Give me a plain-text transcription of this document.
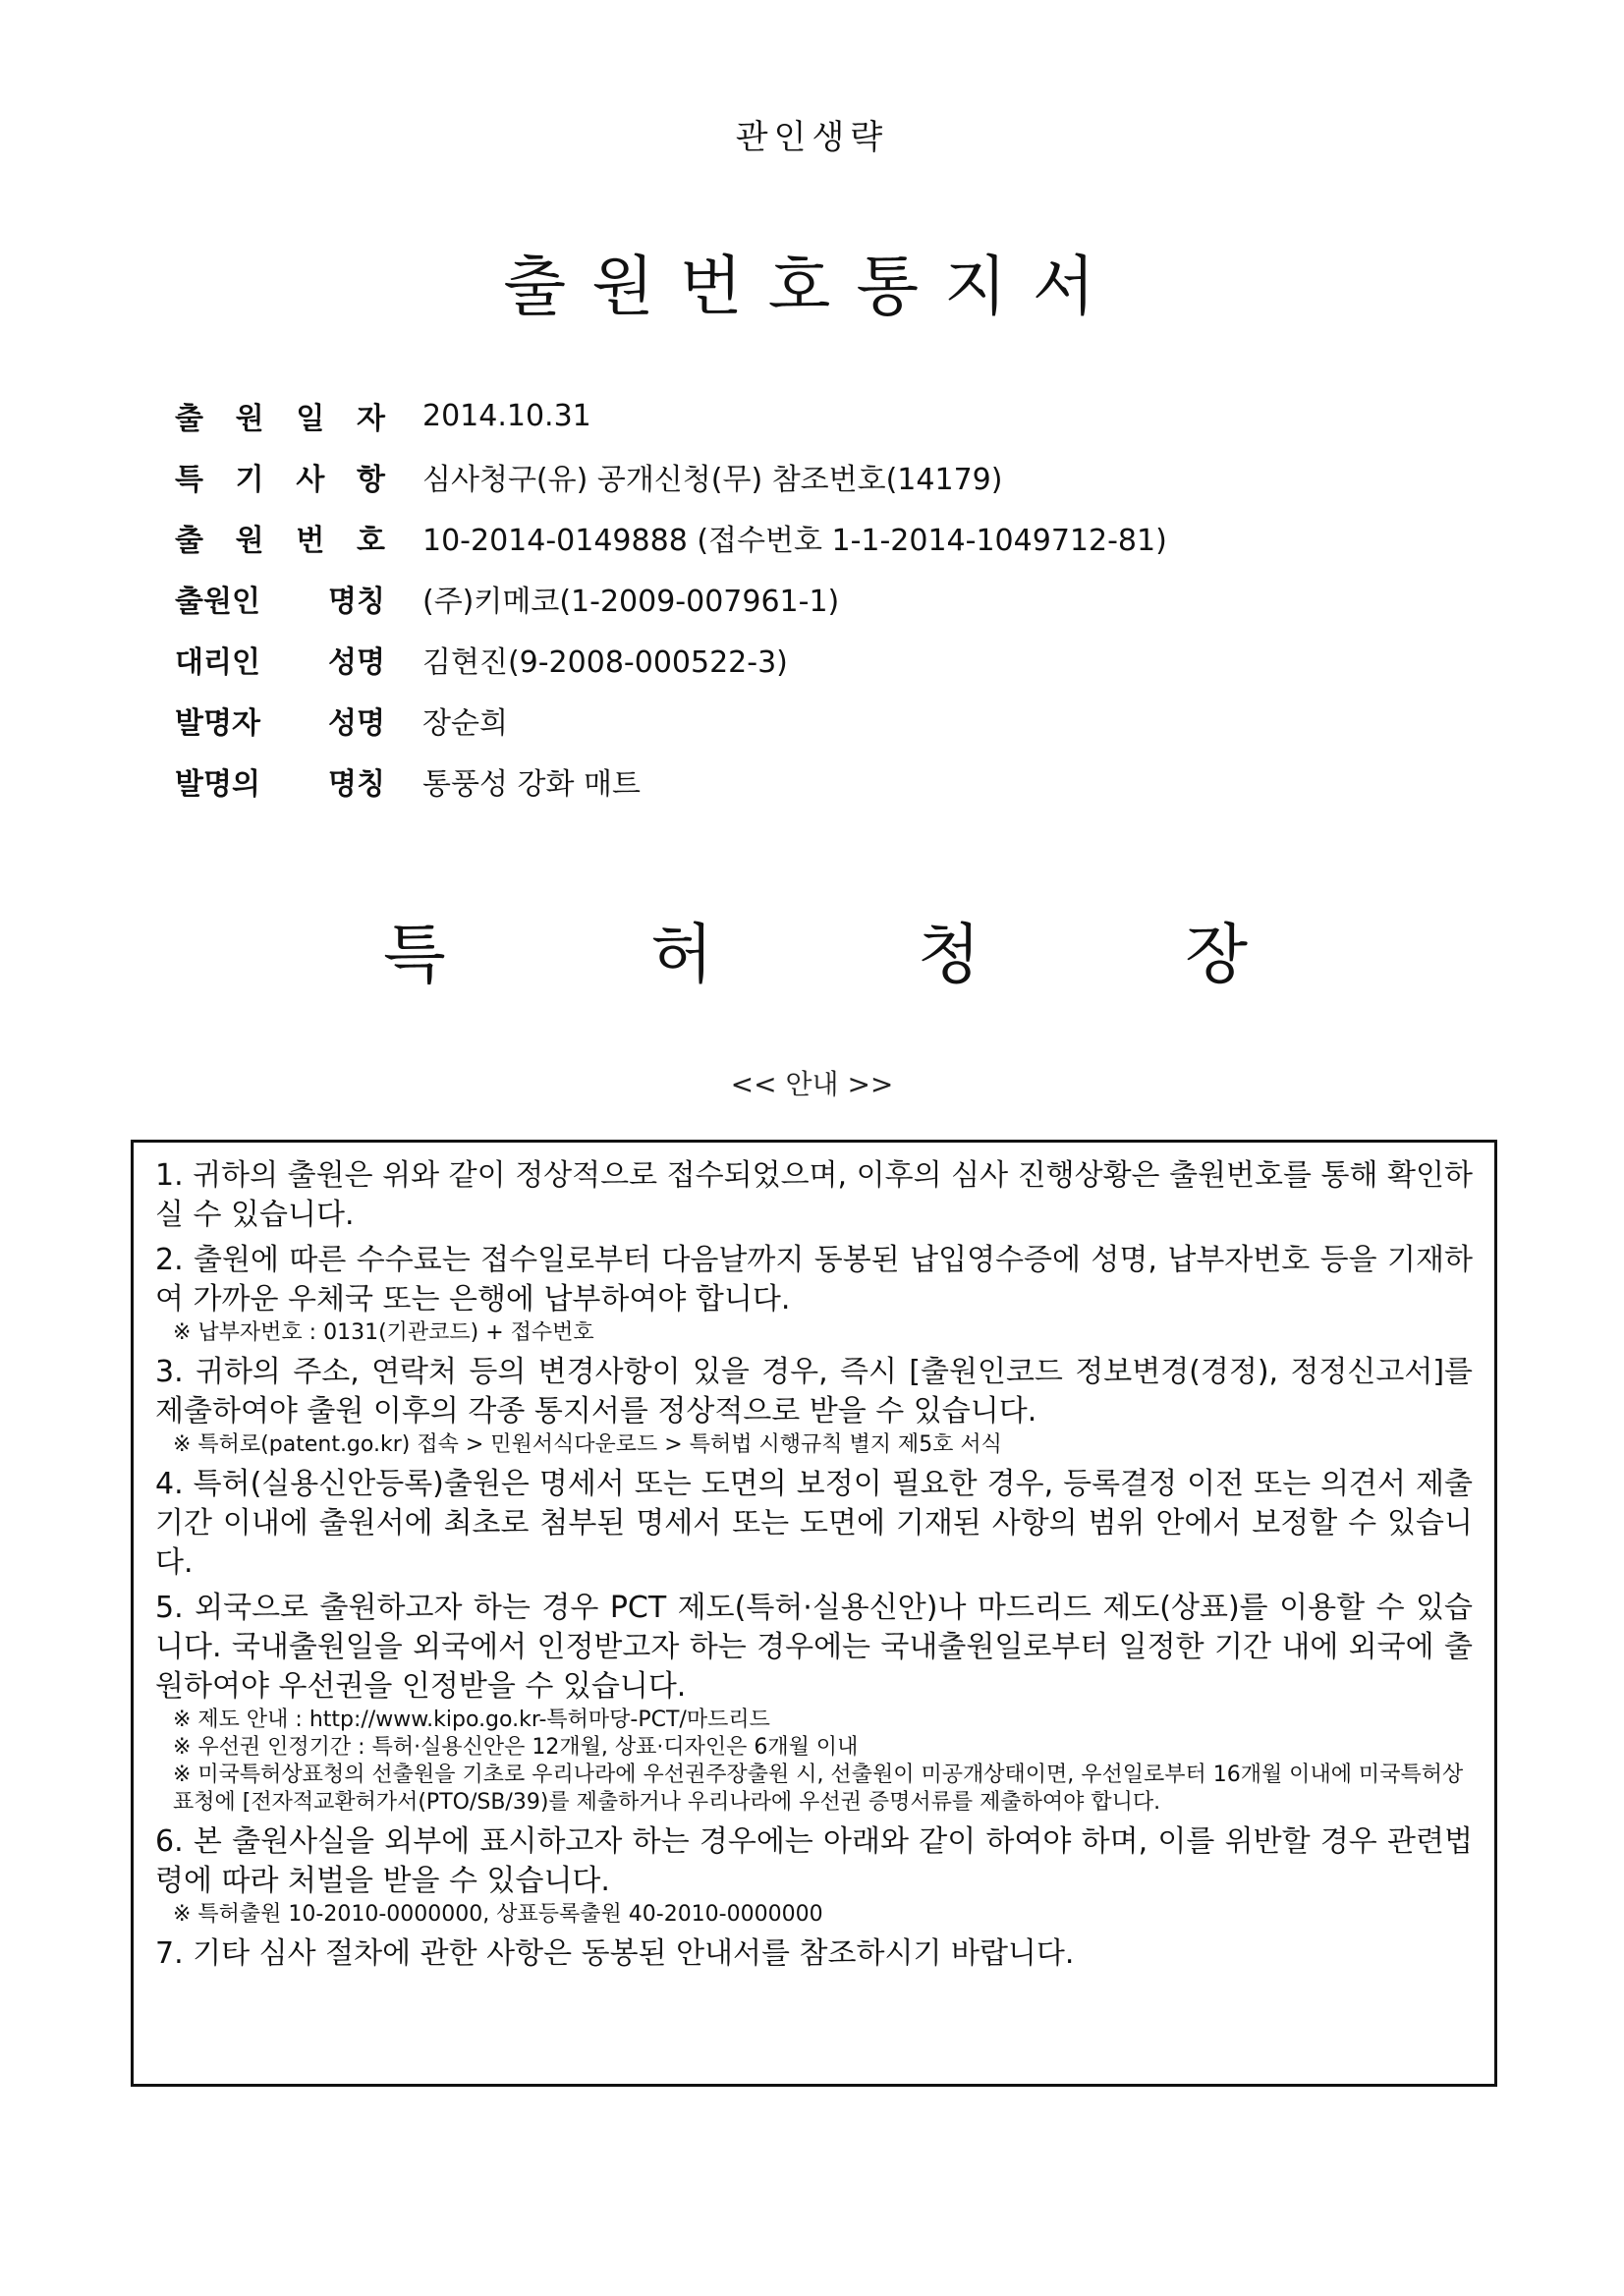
관인생략
출원번호통지서
출 원 일 자 2014.10.31
특 기 사 항 심사청구(유) 공개신청(무) 참조번호(14179)
출 원 번 호 10-2014-0149888 (접수번호 1-1-2014-1049712-81)
출원인 명칭 (주)키메코(1-2009-007961-1)
대리인 성명 김현진(9-2008-000522-3)
발명자 성명 장순희
발명의 명칭 통풍성 강화 매트
특	허	청	장
<< 안내 >>

1. 귀하의 출원은 위와 같이 정상적으로 접수되었으며, 이후의 심사 진행상황은 출원번호를 통해 확인하실 수 있습니다.

2. 출원에 따른 수수료는 접수일로부터 다음날까지 동봉된 납입영수증에 성명, 납부자번호 등을 기재하여 가까운 우체국 또는 은행에 납부하여야 합니다.

※ 납부자번호 : 0131(기관코드) + 접수번호

3. 귀하의 주소, 연락처 등의 변경사항이 있을 경우, 즉시 [출원인코드 정보변경(경정), 정정신고서]를 제출하여야 출원 이후의 각종 통지서를 정상적으로 받을 수 있습니다.

※ 특허로(patent.go.kr) 접속 > 민원서식다운로드 > 특허법 시행규칙 별지 제5호 서식

4. 특허(실용신안등록)출원은 명세서 또는 도면의 보정이 필요한 경우, 등록결정 이전 또는 의견서 제출기간 이내에 출원서에 최초로 첨부된 명세서 또는 도면에 기재된 사항의 범위 안에서 보정할 수 있습니다.

5. 외국으로 출원하고자 하는 경우 PCT 제도(특허·실용신안)나 마드리드 제도(상표)를 이용할 수 있습니다. 국내출원일을 외국에서 인정받고자 하는 경우에는 국내출원일로부터 일정한 기간 내에 외국에 출원하여야 우선권을 인정받을 수 있습니다.

※ 제도 안내 : http://www.kipo.go.kr-특허마당-PCT/마드리드

※ 우선권 인정기간 : 특허·실용신안은 12개월, 상표·디자인은 6개월 이내

※ 미국특허상표청의 선출원을 기초로 우리나라에 우선권주장출원 시, 선출원이 미공개상태이면, 우선일로부터 16개월 이내에 미국특허상표청에 [전자적교환허가서(PTO/SB/39)를 제출하거나 우리나라에 우선권 증명서류를 제출하여야 합니다.

6. 본 출원사실을 외부에 표시하고자 하는 경우에는 아래와 같이 하여야 하며, 이를 위반할 경우 관련법령에 따라 처벌을 받을 수 있습니다.

※ 특허출원 10-2010-0000000, 상표등록출원 40-2010-0000000

7. 기타 심사 절차에 관한 사항은 동봉된 안내서를 참조하시기 바랍니다.
